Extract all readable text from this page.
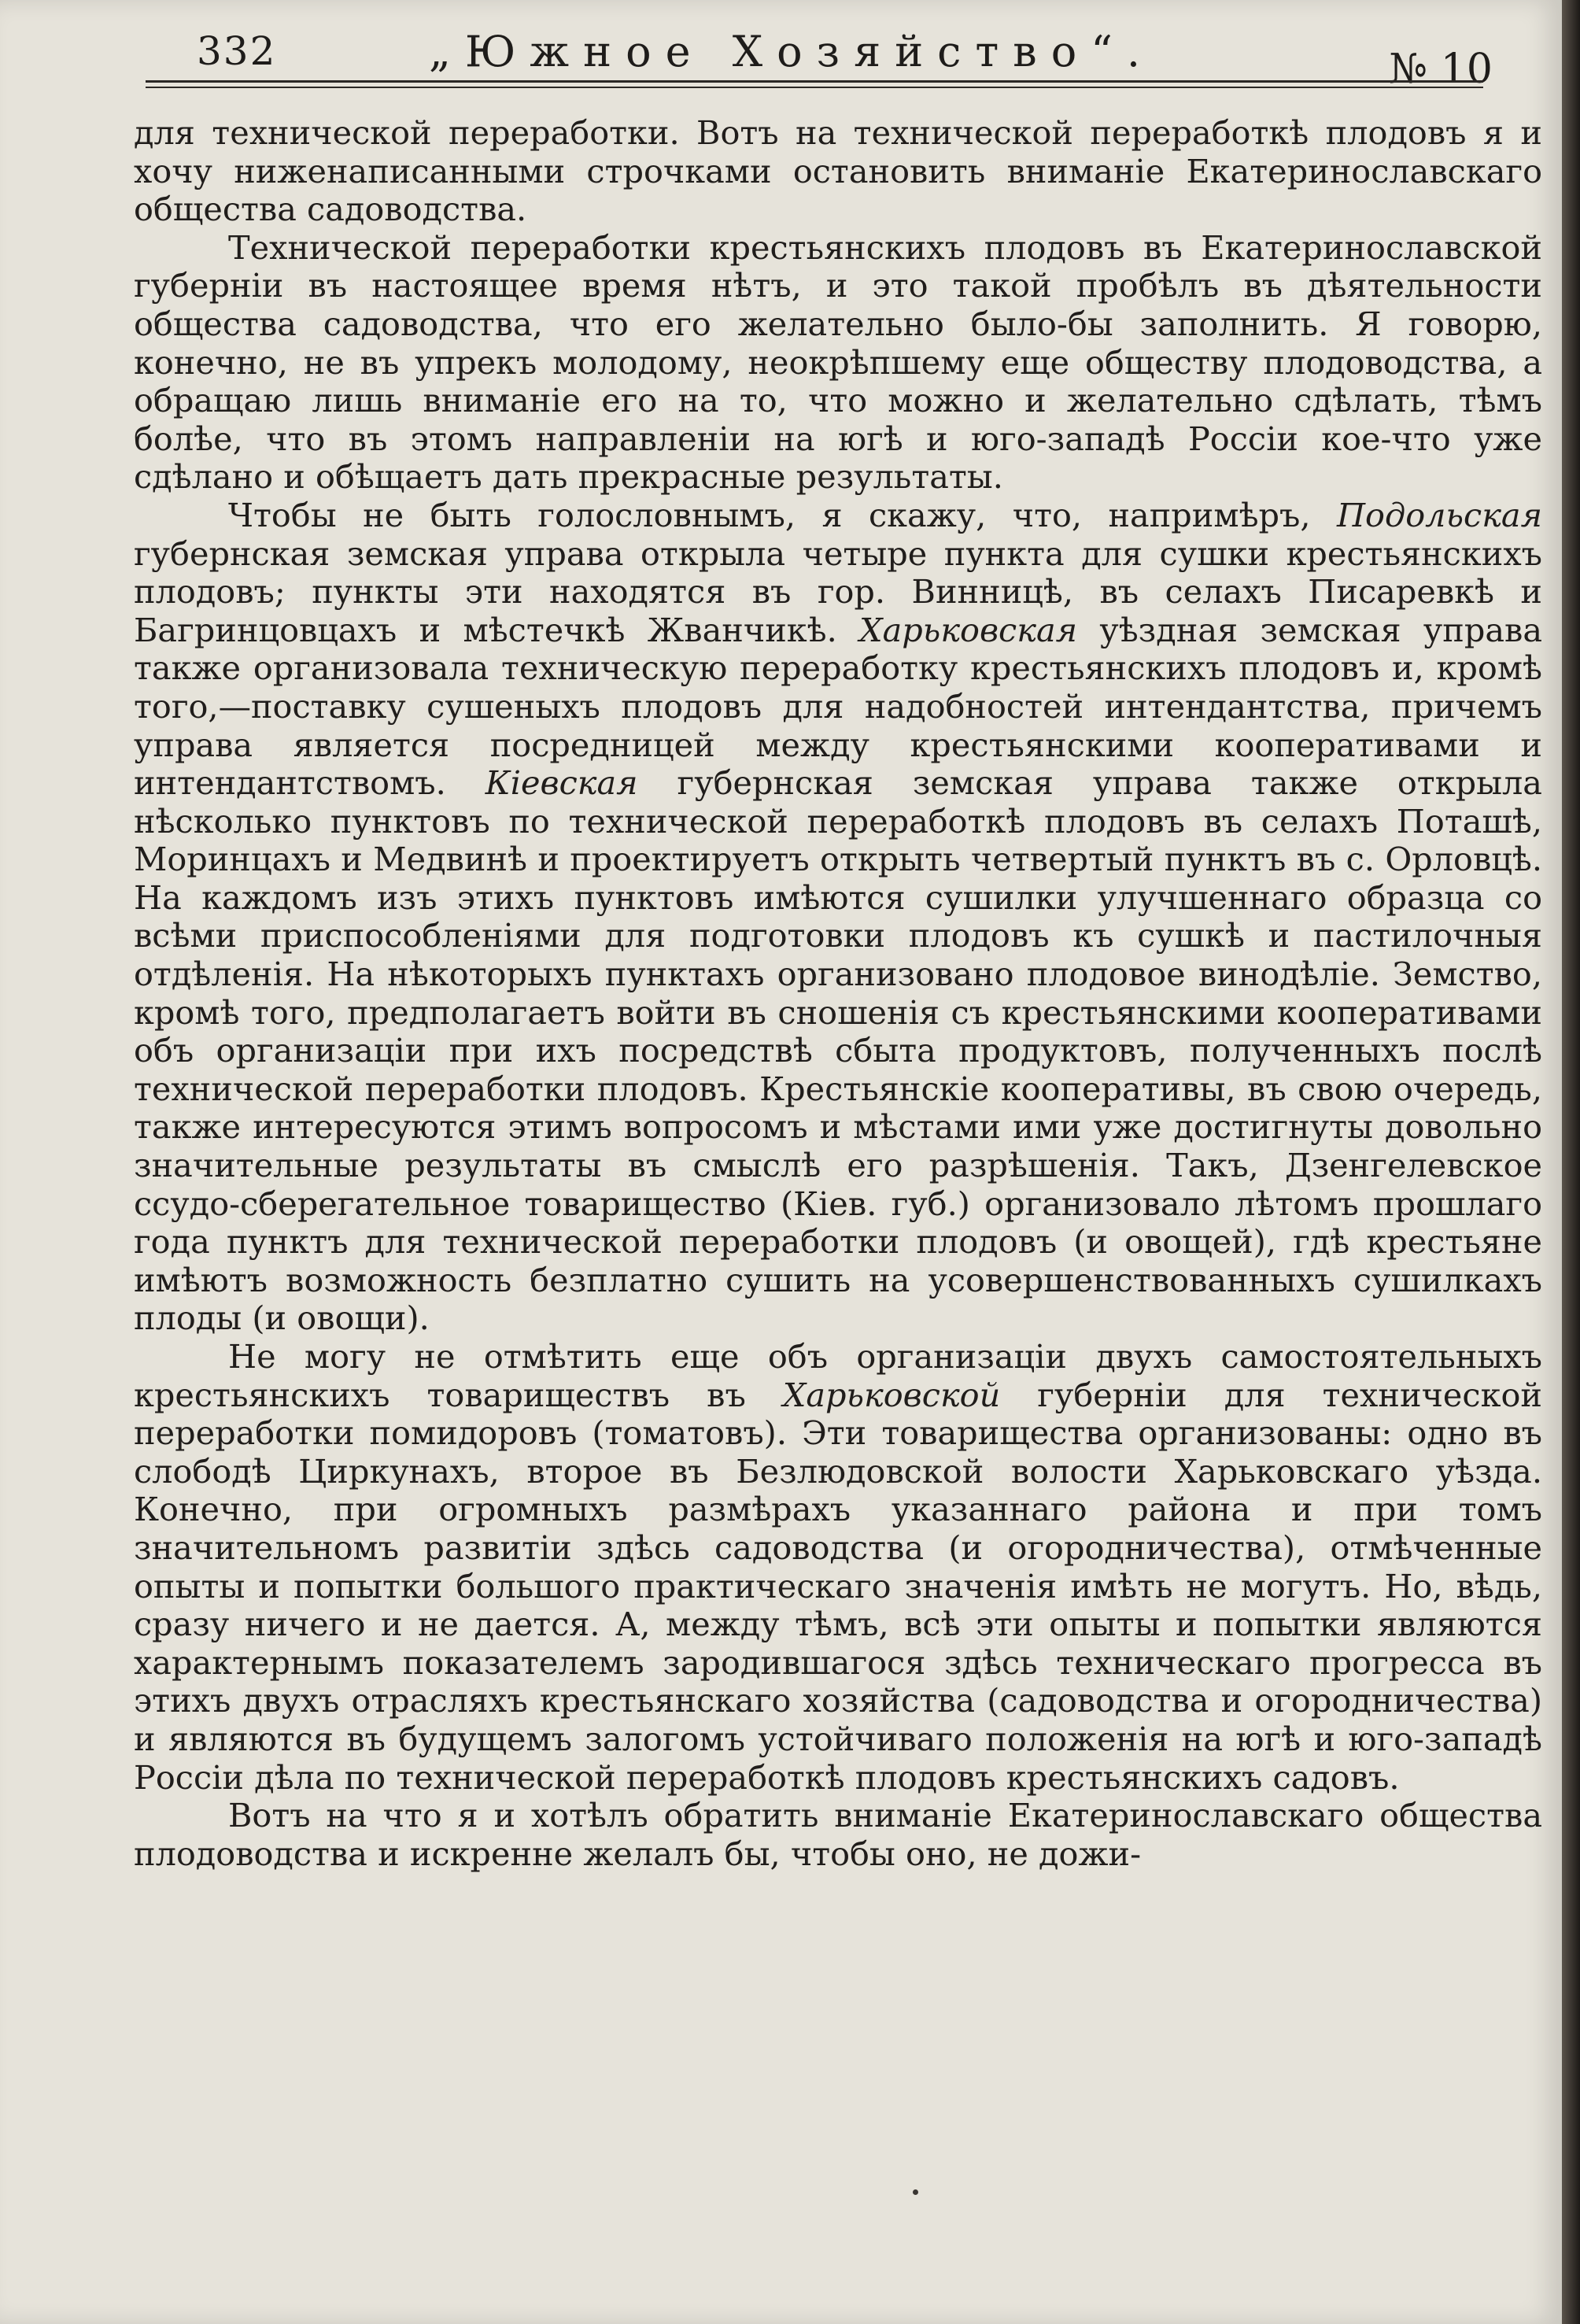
332	„Южное Хозяйство“.	№ 10

для технической переработки. Вотъ на технической переработкѣ плодовъ я и хочу ниженаписанными строчками остановить вниманіе Екатеринославскаго общества садоводства.

Технической переработки крестьянскихъ плодовъ въ Екатеринославской губерніи въ настоящее время нѣтъ, и это такой пробѣлъ въ дѣятельности общества садоводства, что его желательно было-бы заполнить. Я говорю, конечно, не въ упрекъ молодому, неокрѣпшему еще обществу плодоводства, а обращаю лишь вниманіе его на то, что можно и желательно сдѣлать, тѣмъ болѣе, что въ этомъ направленіи на югѣ и юго-западѣ Россіи кое-что уже сдѣлано и обѣщаетъ дать прекрасные результаты.

Чтобы не быть голословнымъ, я скажу, что, напримѣръ, Подольская губернская земская управа открыла четыре пункта для сушки крестьянскихъ плодовъ; пункты эти находятся въ гор. Винницѣ, въ селахъ Писаревкѣ и Багринцовцахъ и мѣстечкѣ Жванчикѣ. Харьковская уѣздная земская управа также организовала техническую переработку крестьянскихъ плодовъ и, кромѣ того,—поставку сушеныхъ плодовъ для надобностей интендантства, причемъ управа является посредницей между крестьянскими кооперативами и интендантствомъ. Кіевская губернская земская управа также открыла нѣсколько пунктовъ по технической переработкѣ плодовъ въ селахъ Поташѣ, Моринцахъ и Медвинѣ и проектируетъ открыть четвертый пунктъ въ с. Орловцѣ. На каждомъ изъ этихъ пунктовъ имѣются сушилки улучшеннаго образца со всѣми приспособленіями для подготовки плодовъ къ сушкѣ и пастилочныя отдѣленія. На нѣкоторыхъ пунктахъ организовано плодовое винодѣліе. Земство, кромѣ того, предполагаетъ войти въ сношенія съ крестьянскими кооперативами объ организаціи при ихъ посредствѣ сбыта продуктовъ, полученныхъ послѣ технической переработки плодовъ. Крестьянскіе кооперативы, въ свою очередь, также интересуются этимъ вопросомъ и мѣстами ими уже достигнуты довольно значительные результаты въ смыслѣ его разрѣшенія. Такъ, Дзенгелевское ссудо-сберегательное товарищество (Кіев. губ.) организовало лѣтомъ прошлаго года пунктъ для технической переработки плодовъ (и овощей), гдѣ крестьяне имѣютъ возможность безплатно сушить на усовершенствованныхъ сушилкахъ плоды (и овощи).

Не могу не отмѣтить еще объ организаціи двухъ самостоятельныхъ крестьянскихъ товариществъ въ Харьковской губерніи для технической переработки помидоровъ (томатовъ). Эти товарищества организованы: одно въ слободѣ Циркунахъ, второе въ Безлюдовской волости Харьковскаго уѣзда. Конечно, при огромныхъ размѣрахъ указаннаго района и при томъ значительномъ развитіи здѣсь садоводства (и огородничества), отмѣченные опыты и попытки большого практическаго значенія имѣть не могутъ. Но, вѣдь, сразу ничего и не дается. А, между тѣмъ, всѣ эти опыты и попытки являются характернымъ показателемъ зародившагося здѣсь техническаго прогресса въ этихъ двухъ отрасляхъ крестьянскаго хозяйства (садоводства и огородничества) и являются въ будущемъ залогомъ устойчиваго положенія на югѣ и юго-западѣ Россіи дѣла по технической переработкѣ плодовъ крестьянскихъ садовъ.

Вотъ на что я и хотѣлъ обратить вниманіе Екатеринославскаго общества плодоводства и искренне желалъ бы, чтобы оно, не дожи-
